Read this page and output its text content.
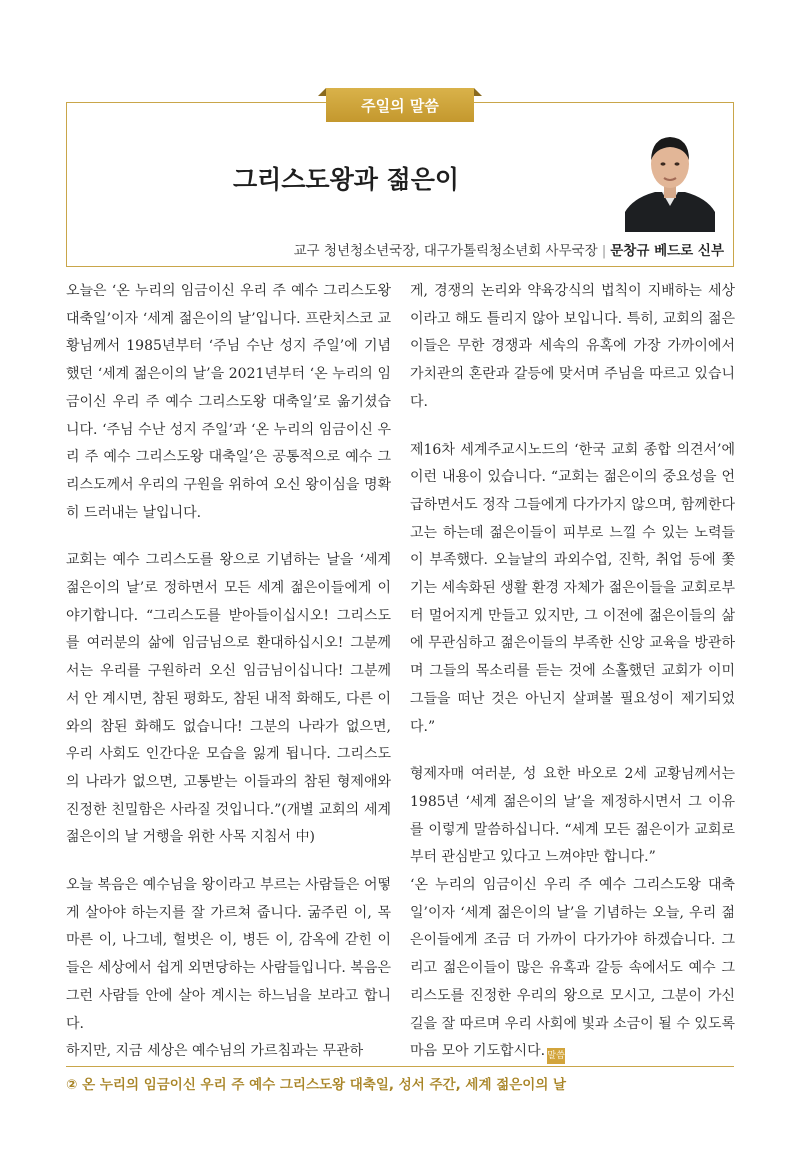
주일의 말씀
그리스도왕과 젊은이
교구 청년청소년국장, 대구가톨릭청소년회 사무국장 | 문창규 베드로 신부

오늘은 ‘온 누리의 임금이신 우리 주 예수 그리스도왕 대축일’이자 ‘세계 젊은이의 날’입니다. 프란치스코 교황님께서 1985년부터 ‘주님 수난 성지 주일’에 기념했던 ‘세계 젊은이의 날’을 2021년부터 ‘온 누리의 임금이신 우리 주 예수 그리스도왕 대축일’로 옮기셨습니다. ‘주님 수난 성지 주일’과 ‘온 누리의 임금이신 우리 주 예수 그리스도왕 대축일’은 공통적으로 예수 그리스도께서 우리의 구원을 위하여 오신 왕이심을 명확히 드러내는 날입니다.

교회는 예수 그리스도를 왕으로 기념하는 날을 ‘세계 젊은이의 날’로 정하면서 모든 세계 젊은이들에게 이야기합니다. “그리스도를 받아들이십시오! 그리스도를 여러분의 삶에 임금님으로 환대하십시오! 그분께서는 우리를 구원하러 오신 임금님이십니다! 그분께서 안 계시면, 참된 평화도, 참된 내적 화해도, 다른 이와의 참된 화해도 없습니다! 그분의 나라가 없으면, 우리 사회도 인간다운 모습을 잃게 됩니다. 그리스도의 나라가 없으면, 고통받는 이들과의 참된 형제애와 진정한 친밀함은 사라질 것입니다.”(개별 교회의 세계 젊은이의 날 거행을 위한 사목 지침서 中)

오늘 복음은 예수님을 왕이라고 부르는 사람들은 어떻게 살아야 하는지를 잘 가르쳐 줍니다. 굶주린 이, 목마른 이, 나그네, 헐벗은 이, 병든 이, 감옥에 갇힌 이들은 세상에서 쉽게 외면당하는 사람들입니다. 복음은 그런 사람들 안에 살아 계시는 하느님을 보라고 합니다.

하지만, 지금 세상은 예수님의 가르침과는 무관하

게, 경쟁의 논리와 약육강식의 법칙이 지배하는 세상이라고 해도 틀리지 않아 보입니다. 특히, 교회의 젊은이들은 무한 경쟁과 세속의 유혹에 가장 가까이에서 가치관의 혼란과 갈등에 맞서며 주님을 따르고 있습니다.

제16차 세계주교시노드의 ‘한국 교회 종합 의견서’에 이런 내용이 있습니다. “교회는 젊은이의 중요성을 언급하면서도 정작 그들에게 다가가지 않으며, 함께한다고는 하는데 젊은이들이 피부로 느낄 수 있는 노력들이 부족했다. 오늘날의 과외수업, 진학, 취업 등에 쫓기는 세속화된 생활 환경 자체가 젊은이들을 교회로부터 멀어지게 만들고 있지만, 그 이전에 젊은이들의 삶에 무관심하고 젊은이들의 부족한 신앙 교육을 방관하며 그들의 목소리를 듣는 것에 소홀했던 교회가 이미 그들을 떠난 것은 아닌지 살펴볼 필요성이 제기되었다.”

형제자매 여러분, 성 요한 바오로 2세 교황님께서는 1985년 ‘세계 젊은이의 날’을 제정하시면서 그 이유를 이렇게 말씀하십니다. “세계 모든 젊은이가 교회로부터 관심받고 있다고 느껴야만 합니다.”

‘온 누리의 임금이신 우리 주 예수 그리스도왕 대축일’이자 ‘세계 젊은이의 날’을 기념하는 오늘, 우리 젊은이들에게 조금 더 가까이 다가가야 하겠습니다. 그리고 젊은이들이 많은 유혹과 갈등 속에서도 예수 그리스도를 진정한 우리의 왕으로 모시고, 그분이 가신 길을 잘 따르며 우리 사회에 빛과 소금이 될 수 있도록 마음 모아 기도합시다. 말씀

② 온 누리의 임금이신 우리 주 예수 그리스도왕 대축일, 성서 주간, 세계 젊은이의 날
